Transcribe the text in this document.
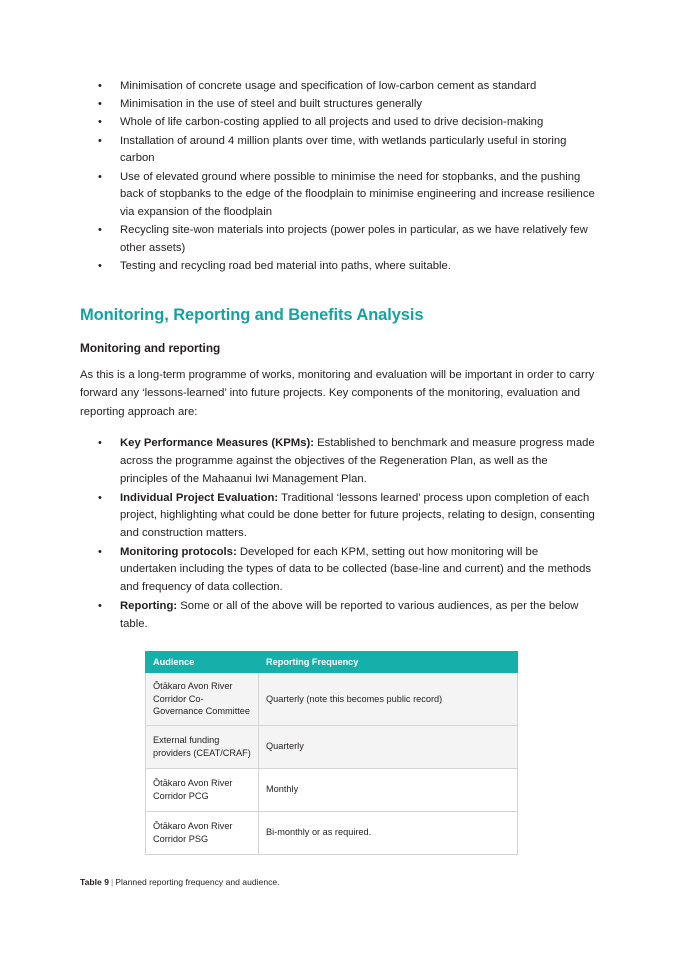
• Minimisation of concrete usage and specification of low-carbon cement as standard
• Minimisation in the use of steel and built structures generally
• Whole of life carbon-costing applied to all projects and used to drive decision-making
• Installation of around 4 million plants over time, with wetlands particularly useful in storing carbon
• Use of elevated ground where possible to minimise the need for stopbanks, and the pushing back of stopbanks to the edge of the floodplain to minimise engineering and increase resilience via expansion of the floodplain
• Recycling site-won materials into projects (power poles in particular, as we have relatively few other assets)
• Testing and recycling road bed material into paths, where suitable.
Monitoring, Reporting and Benefits Analysis
Monitoring and reporting

As this is a long-term programme of works, monitoring and evaluation will be important in order to carry forward any ‘lessons-learned’ into future projects. Key components of the monitoring, evaluation and reporting approach are:

• Key Performance Measures (KPMs): Established to benchmark and measure progress made across the programme against the objectives of the Regeneration Plan, as well as the principles of the Mahaanui Iwi Management Plan.
• Individual Project Evaluation: Traditional ‘lessons learned’ process upon completion of each project, highlighting what could be done better for future projects, relating to design, consenting and construction matters.
• Monitoring protocols: Developed for each KPM, setting out how monitoring will be undertaken including the types of data to be collected (base-line and current) and the methods and frequency of data collection.
• Reporting: Some or all of the above will be reported to various audiences, as per the below table.
Audience	Reporting Frequency
Ōtākaro Avon River Corridor Co-Governance Committee	Quarterly (note this becomes public record)
External funding providers (CEAT/CRAF)	Quarterly
Ōtākaro Avon River Corridor PCG	Monthly
Ōtākaro Avon River Corridor PSG	Bi-monthly or as required.

Table 9 | Planned reporting frequency and audience.
